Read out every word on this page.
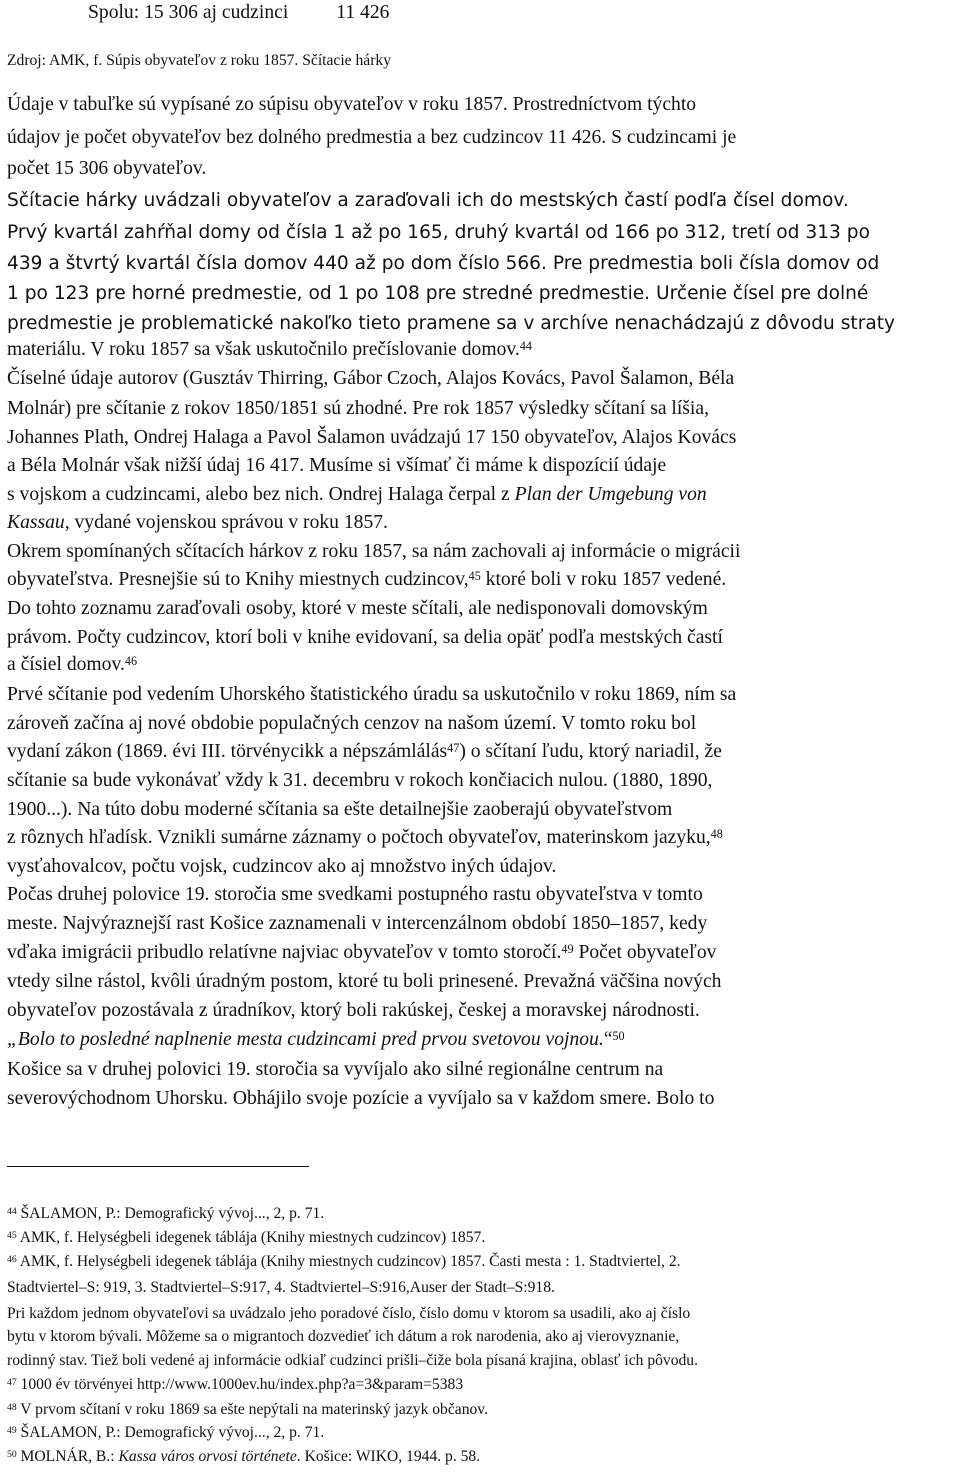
Spolu: 15 306 aj cudzinci 11 426
Zdroj: AMK, f. Súpis obyvateľov z roku 1857. Sčítacie hárky
Údaje v tabuľke sú vypísané zo súpisu obyvateľov v roku 1857. Prostredníctvom týchto
údajov je počet obyvateľov bez dolného predmestia a bez cudzincov 11 426. S cudzincami je
počet 15 306 obyvateľov.
Sčítacie hárky uvádzali obyvateľov a zaraďovali ich do mestských častí podľa čísel domov.
Prvý kvartál zahŕňal domy od čísla 1 až po 165, druhý kvartál od 166 po 312, tretí od 313 po
439 a štvrtý kvartál čísla domov 440 až po dom číslo 566. Pre predmestia boli čísla domov od
1 po 123 pre horné predmestie, od 1 po 108 pre stredné predmestie. Určenie čísel pre dolné
predmestie je problematické nakoľko tieto pramene sa v archíve nenachádzajú z dôvodu straty
materiálu. V roku 1857 sa však uskutočnilo prečíslovanie domov.$^{44}$
Číselné údaje autorov (Gusztáv Thirring, Gábor Czoch, Alajos Kovács, Pavol Šalamon, Béla
Molnár) pre sčítanie z rokov 1850/1851 sú zhodné. Pre rok 1857 výsledky sčítaní sa líšia,
Johannes Plath, Ondrej Halaga a Pavol Šalamon uvádzajú 17 150 obyvateľov, Alajos Kovács
a Béla Molnár však nižší údaj 16 417. Musíme si všímať či máme k dispozícií údaje
s vojskom a cudzincami, alebo bez nich. Ondrej Halaga čerpal z Plan der Umgebung von
Kassau, vydané vojenskou správou v roku 1857.
Okrem spomínaných sčítacích hárkov z roku 1857, sa nám zachovali aj informácie o migrácii
obyvateľstva. Presnejšie sú to Knihy miestnych cudzincov,$^{45}$ ktoré boli v roku 1857 vedené.
Do tohto zoznamu zaraďovali osoby, ktoré v meste sčítali, ale nedisponovali domovským
právom. Počty cudzincov, ktorí boli v knihe evidovaní, sa delia opäť podľa mestských častí
a čísiel domov.$^{46}$
Prvé sčítanie pod vedením Uhorského štatistického úradu sa uskutočnilo v roku 1869, ním sa
zároveň začína aj nové obdobie populačných cenzov na našom území. V tomto roku bol
vydaní zákon (1869. évi III. törvénycikk a népszámlálás$^{47}$) o sčítaní ľudu, ktorý nariadil, že
sčítanie sa bude vykonávať vždy k 31. decembru v rokoch končiacich nulou. (1880, 1890,
1900...). Na túto dobu moderné sčítania sa ešte detailnejšie zaoberajú obyvateľstvom
z rôznych hľadísk. Vznikli sumárne záznamy o počtoch obyvateľov, materinskom jazyku,$^{48}$
vysťahovalcov, počtu vojsk, cudzincov ako aj množstvo iných údajov.
Počas druhej polovice 19. storočia sme svedkami postupného rastu obyvateľstva v tomto
meste. Najvýraznejší rast Košice zaznamenali v intercenzálnom období 1850–1857, kedy
vďaka imigrácii pribudlo relatívne najviac obyvateľov v tomto storočí.$^{49}$ Počet obyvateľov
vtedy silne rástol, kvôli úradným postom, ktoré tu boli prinesené. Prevažná väčšina nových
obyvateľov pozostávala z úradníkov, ktorý boli rakúskej, českej a moravskej národnosti.
„Bolo to posledné naplnenie mesta cudzincami pred prvou svetovou vojnou.“$^{50}$
Košice sa v druhej polovici 19. storočia sa vyvíjalo ako silné regionálne centrum na
severovýchodnom Uhorsku. Obhájilo svoje pozície a vyvíjalo sa v každom smere. Bolo to
$^{44}$ ŠALAMON, P.: Demografický vývoj..., 2, p. 71.
$^{45}$ AMK, f. Helységbeli idegenek táblája (Knihy miestnych cudzincov) 1857.
$^{46}$ AMK, f. Helységbeli idegenek táblája (Knihy miestnych cudzincov) 1857. Časti mesta : 1. Stadtviertel, 2.
Stadtviertel–S: 919, 3. Stadtviertel–S:917, 4. Stadtviertel–S:916,Auser der Stadt–S:918.
Pri každom jednom obyvateľovi sa uvádzalo jeho poradové číslo, číslo domu v ktorom sa usadili, ako aj číslo
bytu v ktorom bývali. Môžeme sa o migrantoch dozvedieť ich dátum a rok narodenia, ako aj vierovyznanie,
rodinný stav. Tiež boli vedené aj informácie odkiaľ cudzinci prišli–čiže bola písaná krajina, oblasť ich pôvodu.
$^{47}$ 1000 év törvényei http://www.1000ev.hu/index.php?a=3&param=5383
$^{48}$ V prvom sčítaní v roku 1869 sa ešte nepýtali na materinský jazyk občanov.
$^{49}$ ŠALAMON, P.: Demografický vývoj..., 2, p. 71.
$^{50}$ MOLNÁR, B.: Kassa város orvosi története. Košice: WIKO, 1944. p. 58.
